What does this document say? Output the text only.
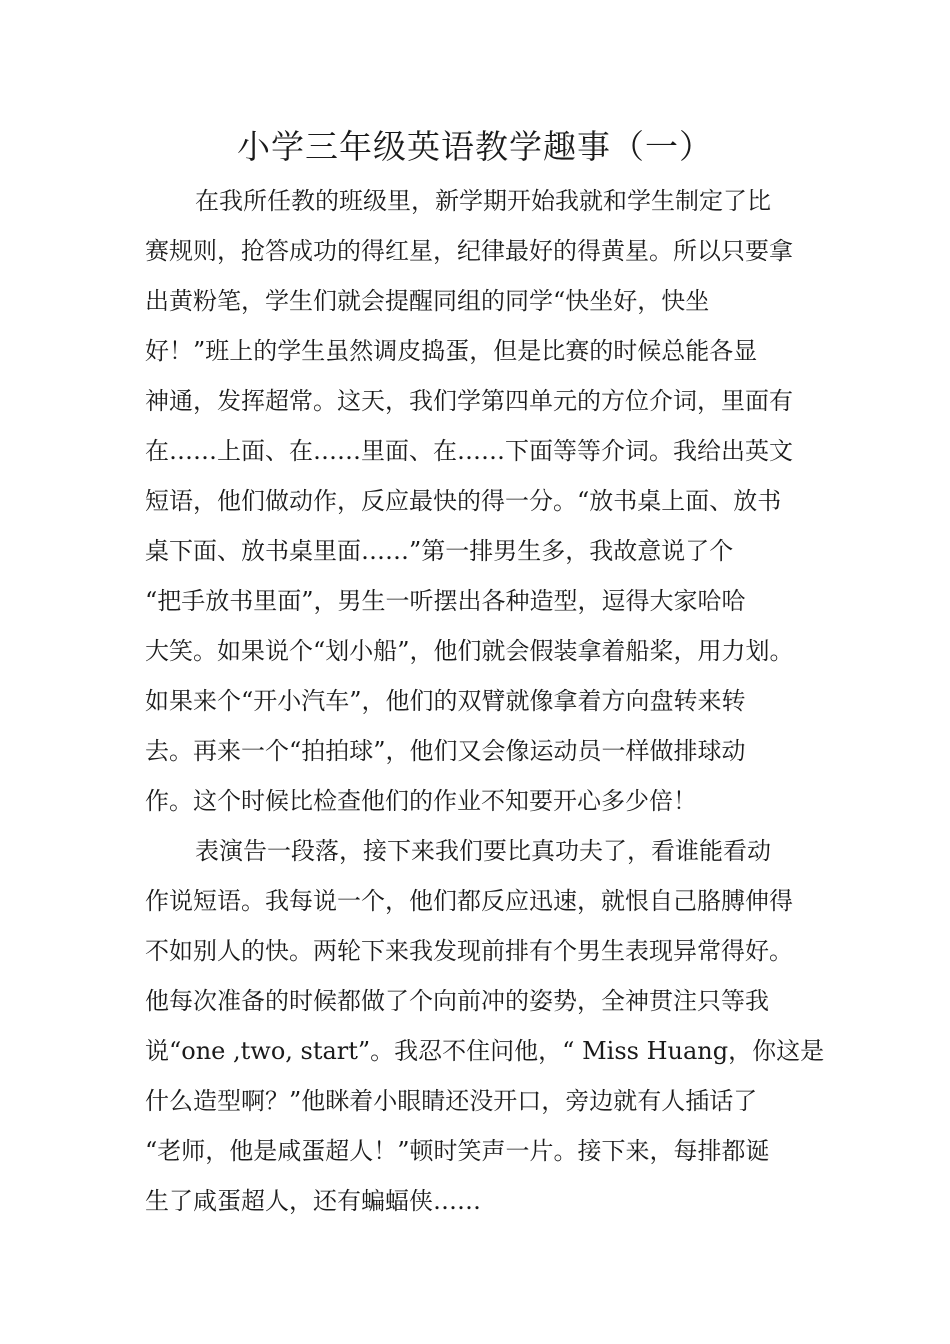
小学三年级英语教学趣事（一）
在我所任教的班级里，新学期开始我就和学生制定了比
赛规则，抢答成功的得红星，纪律最好的得黄星。所以只要拿
出黄粉笔，学生们就会提醒同组的同学“快坐好，快坐
好！”班上的学生虽然调皮捣蛋，但是比赛的时候总能各显
神通，发挥超常。这天，我们学第四单元的方位介词，里面有
在……上面、在……里面、在……下面等等介词。我给出英文
短语，他们做动作，反应最快的得一分。“放书桌上面、放书
桌下面、放书桌里面……”第一排男生多，我故意说了个
“把手放书里面”，男生一听摆出各种造型，逗得大家哈哈
大笑。如果说个“划小船”，他们就会假装拿着船桨，用力划。
如果来个“开小汽车”，他们的双臂就像拿着方向盘转来转
去。再来一个“拍拍球”，他们又会像运动员一样做排球动
作。这个时候比检查他们的作业不知要开心多少倍！
表演告一段落，接下来我们要比真功夫了，看谁能看动
作说短语。我每说一个，他们都反应迅速，就恨自己胳膊伸得
不如别人的快。两轮下来我发现前排有个男生表现异常得好。
他每次准备的时候都做了个向前冲的姿势，全神贯注只等我
说“one ,two, start”。我忍不住问他，“ Miss Huang，你这是
什么造型啊？”他眯着小眼睛还没开口，旁边就有人插话了
“老师，他是咸蛋超人！”顿时笑声一片。接下来，每排都诞
生了咸蛋超人，还有蝙蝠侠……
